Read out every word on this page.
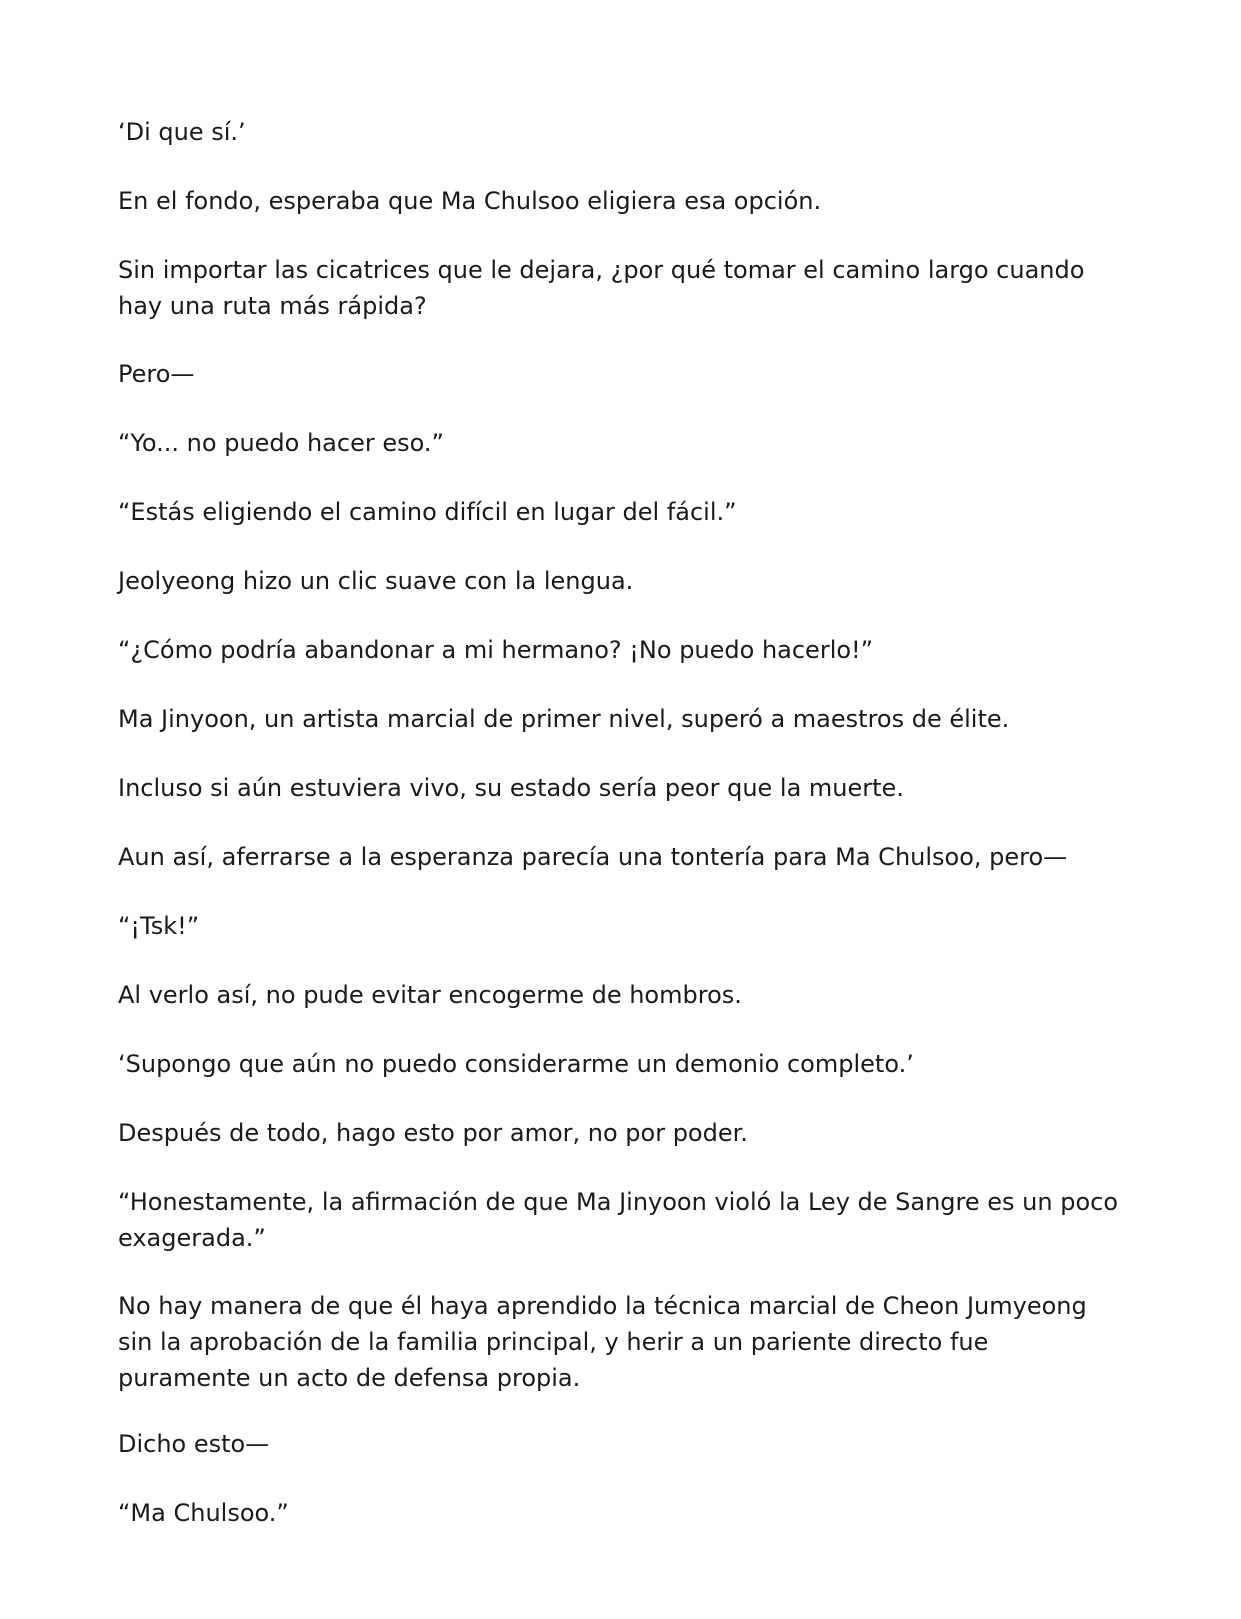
‘Di que sí.’

En el fondo, esperaba que Ma Chulsoo eligiera esa opción.

Sin importar las cicatrices que le dejara, ¿por qué tomar el camino largo cuando hay una ruta más rápida?

Pero—

“Yo... no puedo hacer eso.”

“Estás eligiendo el camino difícil en lugar del fácil.”

Jeolyeong hizo un clic suave con la lengua.

“¿Cómo podría abandonar a mi hermano? ¡No puedo hacerlo!”

Ma Jinyoon, un artista marcial de primer nivel, superó a maestros de élite.

Incluso si aún estuviera vivo, su estado sería peor que la muerte.

Aun así, aferrarse a la esperanza parecía una tontería para Ma Chulsoo, pero—

“¡Tsk!”

Al verlo así, no pude evitar encogerme de hombros.

‘Supongo que aún no puedo considerarme un demonio completo.’

Después de todo, hago esto por amor, no por poder.

“Honestamente, la afirmación de que Ma Jinyoon violó la Ley de Sangre es un poco exagerada.”

No hay manera de que él haya aprendido la técnica marcial de Cheon Jumyeong sin la aprobación de la familia principal, y herir a un pariente directo fue puramente un acto de defensa propia.

Dicho esto—

“Ma Chulsoo.”
